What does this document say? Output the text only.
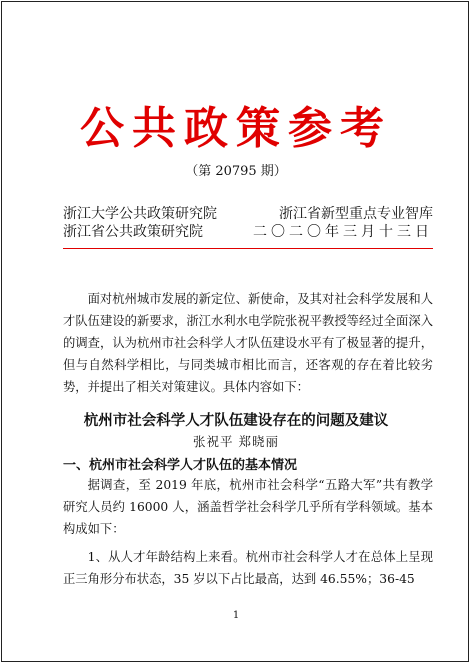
公共政策参考
（第 20795 期）
浙江大学公共政策研究院	浙江省新型重点专业智库
浙江省公共政策研究院	二〇二〇年三月十三日
面对杭州城市发展的新定位、新使命，及其对社会科学发展和人才队伍建设的新要求，浙江水利水电学院张祝平教授等经过全面深入的调查，认为杭州市社会科学人才队伍建设水平有了极显著的提升，但与自然科学相比，与同类城市相比而言，还客观的存在着比较劣势，并提出了相关对策建议。具体内容如下：
杭州市社会科学人才队伍建设存在的问题及建议
张祝平 郑晓丽
一、杭州市社会科学人才队伍的基本情况
据调查，至 2019 年底，杭州市社会科学“五路大军”共有教学研究人员约 16000 人，涵盖哲学社会科学几乎所有学科领域。基本构成如下：
1、从人才年龄结构上来看。杭州市社会科学人才在总体上呈现正三角形分布状态，35 岁以下占比最高，达到 46.55%；36-45
1
